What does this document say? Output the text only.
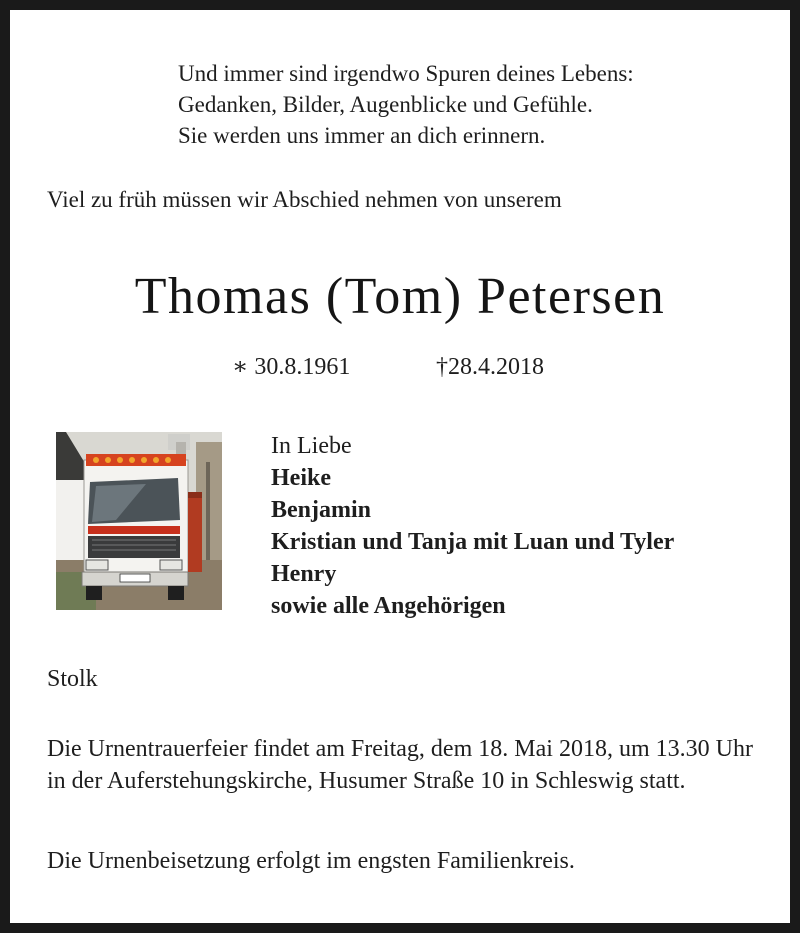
Und immer sind irgendwo Spuren deines Lebens:
Gedanken, Bilder, Augenblicke und Gefühle.
Sie werden uns immer an dich erinnern.
Viel zu früh müssen wir Abschied nehmen von unserem
Thomas (Tom) Petersen
∗ 30.8.1961	†28.4.2018
In Liebe
Heike
Benjamin
Kristian und Tanja mit Luan und Tyler
Henry
sowie alle Angehörigen
Stolk
Die Urnentrauerfeier findet am Freitag, dem 18. Mai 2018, um 13.30 Uhr in der Auferstehungskirche, Husumer Straße 10 in Schleswig statt.
Die Urnenbeisetzung erfolgt im engsten Familienkreis.
